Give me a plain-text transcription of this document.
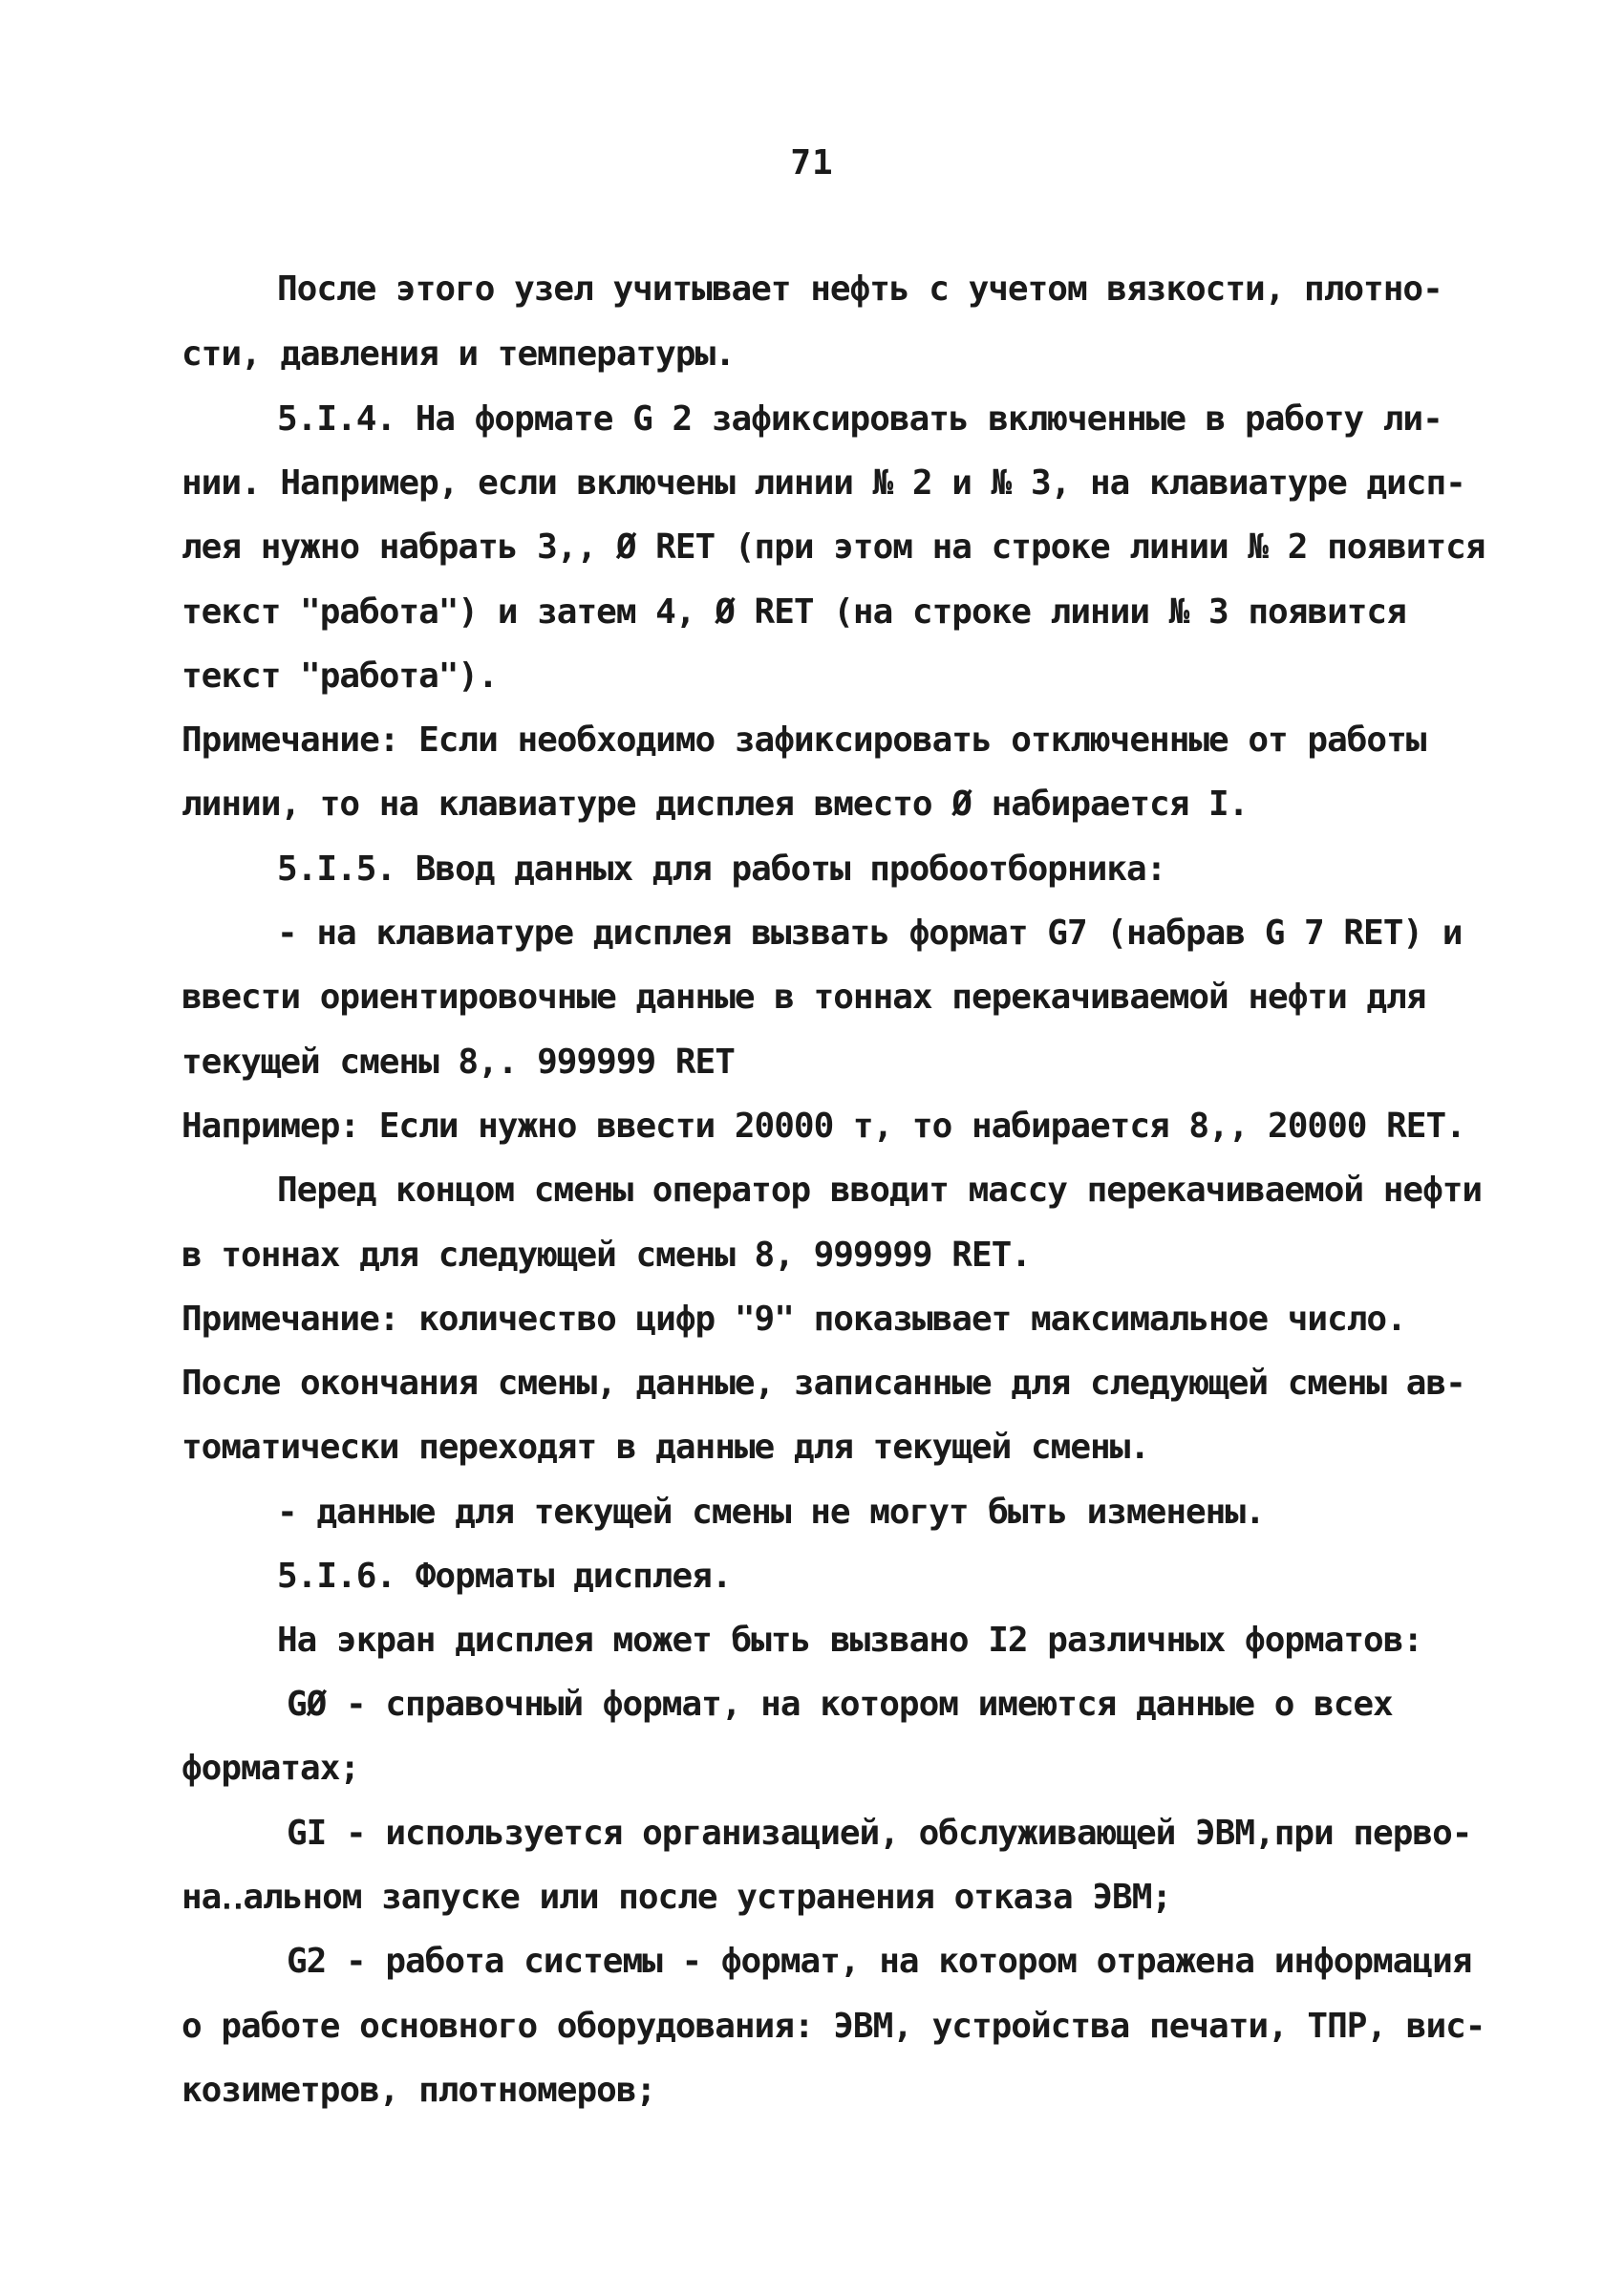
71
После этого узел учитывает нефть с учетом вязкости, плотно-
сти, давления и температуры.
5.I.4. На формате G 2 зафиксировать включенные в работу ли-
нии. Например, если включены линии № 2 и № 3, на клавиатуре дисп-
лея нужно набрать 3,, Ø RET (при этом на строке линии № 2 появится
текст "работа") и затем 4, Ø RET (на строке линии № 3 появится
текст "работа").
Примечание: Если необходимо зафиксировать отключенные от работы
линии, то на клавиатуре дисплея вместо Ø набирается I.
5.I.5. Ввод данных для работы пробоотборника:
- на клавиатуре дисплея вызвать формат G7 (набрав G 7 RET) и
ввести ориентировочные данные в тоннах перекачиваемой нефти для
текущей смены 8,. 999999 RET
Например: Если нужно ввести 20000 т, то набирается 8,, 20000 RET.
Перед концом смены оператор вводит массу перекачиваемой нефти
в тоннах для следующей смены 8, 999999 RET.
Примечание: количество цифр "9" показывает максимальное число.
После окончания смены, данные, записанные для следующей смены ав-
томатически переходят в данные для текущей смены.
- данные для текущей смены не могут быть изменены.
5.I.6. Форматы дисплея.
На экран дисплея может быть вызвано I2 различных форматов:
GØ - справочный формат, на котором имеются данные о всех
форматах;
GI - используется организацией, обслуживающей ЭВМ,при перво-
на‥альном запуске или после устранения отказа ЭВМ;
G2 - работа системы - формат, на котором отражена информация
о работе основного оборудования: ЭВМ, устройства печати, ТПР, вис-
козиметров, плотномеров;
